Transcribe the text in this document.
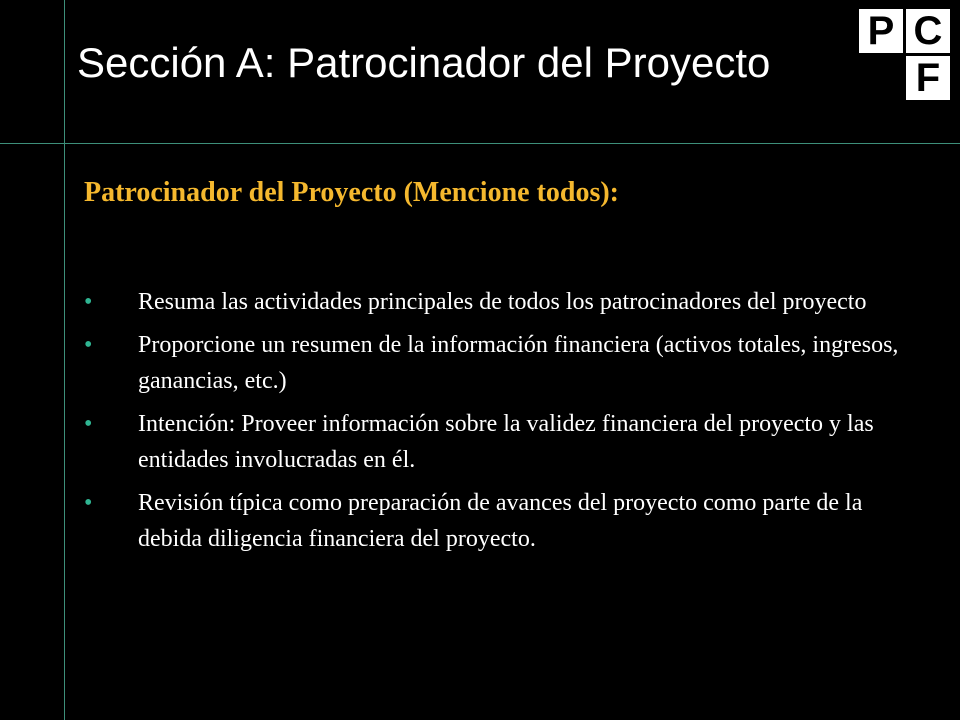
Sección A: Patrocinador del Proyecto
P C
F
Patrocinador del Proyecto (Mencione todos):
• Resuma las actividades principales de todos los patrocinadores del proyecto
• Proporcione un resumen de la información financiera (activos totales, ingresos, ganancias, etc.)
• Intención: Proveer información sobre la validez financiera del proyecto y las entidades involucradas en él.
• Revisión típica como preparación de avances del proyecto como parte de la debida diligencia financiera del proyecto.
